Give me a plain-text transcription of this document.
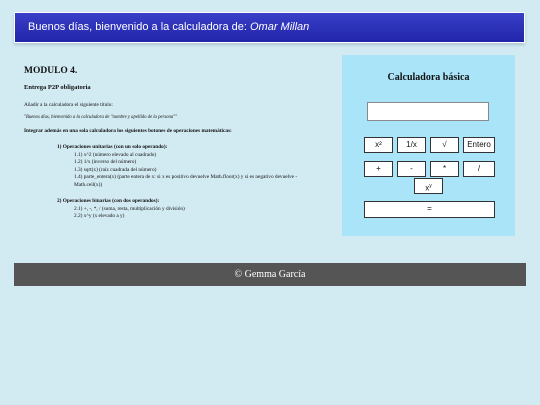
Buenos días, bienvenido a la calculadora de: Omar Millan
MODULO 4.
Entrega P2P obligatoria
Añadir a la calculadora el siguiente título:
"Buenos días, bienvenido a la calculadora de "nombre y apellido de la persona""
Integrar además en una sola calculadora los siguientes botones de operaciones matemáticas:
1) Operaciones unitarias (con un solo operando):
1.1) x^2 (número elevado al cuadrado)
1.2) 1/x (inverso del número)
1.3) sqrt(x) (raíz cuadrada del número)
1.4) parte_entera(x) (parte entera de x: si x es positivo devuelve Math.floor(x) y si es negativo devuelve -Math.ceil(x))
2) Operaciones binarias (con dos operandos):
2.1) +, -, *, / (suma, resta, multiplicación y división)
2.2) x^y (x elevado a y)
Calculadora básica
x²	1/x	√	Entero
+	-	*	/
$x^y$
=
© Gemma García
